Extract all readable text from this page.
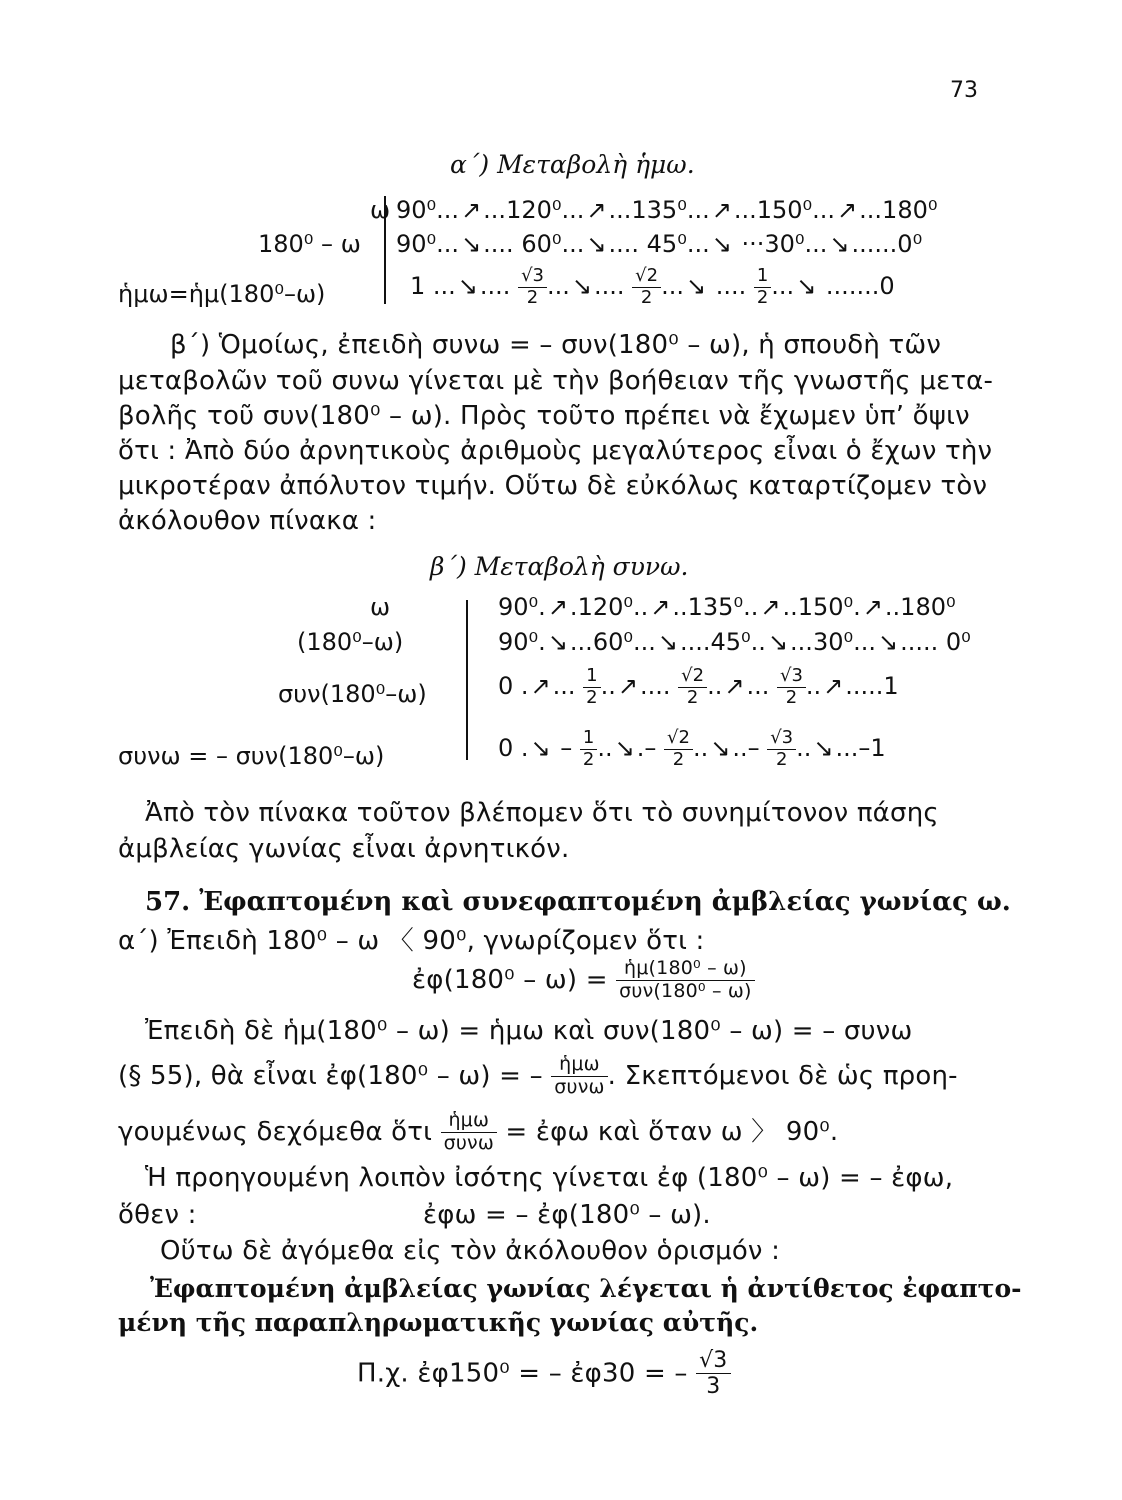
73
α΄) Μεταβολὴ ἡμω.
ω
180⁰ – ω
ἡμω=ἡμ(180⁰–ω)
90⁰...↗...120⁰...↗...135⁰...↗...150⁰...↗...180⁰
90⁰...↘.... 60⁰...↘.... 45⁰...↘ ···30⁰...↘......0⁰
1 ...↘.... $\frac{√3}{2}$ ...↘.... $\frac{√2}{2}$ ...↘ .... $\frac{1}{2}$ ...↘ .......0
β΄) Ὁμοίως, ἐπειδὴ συνω = – συν(180⁰ – ω), ἡ σπουδὴ τῶν
μεταβολῶν τοῦ συνω γίνεται μὲ τὴν βοήθειαν τῆς γνωστῆς μετα-
βολῆς τοῦ συν(180⁰ – ω). Πρὸς τοῦτο πρέπει νὰ ἔχωμεν ὑπ’ ὄψιν
ὅτι : Ἀπὸ δύο ἀρνητικοὺς ἀριθμοὺς μεγαλύτερος εἶναι ὁ ἔχων τὴν
μικροτέραν ἀπόλυτον τιμήν. Οὕτω δὲ εὐκόλως καταρτίζομεν τὸν
ἀκόλουθον πίνακα :
β΄) Μεταβολὴ συνω.
ω
(180⁰–ω)
συν(180⁰–ω)
συνω = – συν(180⁰–ω)
90⁰.↗.120⁰..↗..135⁰..↗..150⁰.↗..180⁰
90⁰.↘...60⁰...↘....45⁰..↘...30⁰...↘..... 0⁰
0 .↗... $\frac{1}{2}$ ..↗.... $\frac{√2}{2}$ ..↗... $\frac{√3}{2}$ ..↗.....1
0 .↘ – $\frac{1}{2}$ ..↘.– $\frac{√2}{2}$ ..↘..– $\frac{√3}{2}$ ..↘...–1
Ἀπὸ τὸν πίνακα τοῦτον βλέπομεν ὅτι τὸ συνημίτονον πάσης
ἀμβλείας γωνίας εἶναι ἀρνητικόν.
57. Ἐφαπτομένη καὶ συνεφαπτομένη ἀμβλείας γωνίας ω.
α΄) Ἐπειδὴ 180⁰ – ω 〈 90⁰, γνωρίζομεν ὅτι :
ἐφ(180⁰ – $\omega) = \frac{\text{ἡμ(180⁰ – ω)}}{\text{συν(180⁰ – ω)}}$
Ἐπειδὴ δὲ ἡμ(180⁰ – ω) = ἡμω καὶ συν(180⁰ – ω) = – συνω
(§ 55), θὰ εἶναι ἐφ(180⁰ – ω) = – $\frac{\text{ἡμω}}{\text{συνω}}$ . Σκεπτόμενοι δὲ ὡς προη-
γουμένως δεχόμεθα ὅτι $\frac{\text{ἡμω}}{\text{συνω}}$ = ἐφω καὶ ὅταν ω 〉 90⁰.
Ἡ προηγουμένη λοιπὸν ἰσότης γίνεται ἐφ (180⁰ – ω) = – ἐφω,
ὅθεν :	ἐφω = – ἐφ(180⁰ – ω).
Οὕτω δὲ ἀγόμεθα εἰς τὸν ἀκόλουθον ὁρισμόν :
Ἐφαπτομένη ἀμβλείας γωνίας λέγεται ἡ ἀντίθετος ἐφαπτο-
μένη τῆς παραπληρωματικῆς γωνίας αὐτῆς.
Π.χ. ἐφ150⁰ = – ἐφ30 = – $\frac{√3}{3}$
